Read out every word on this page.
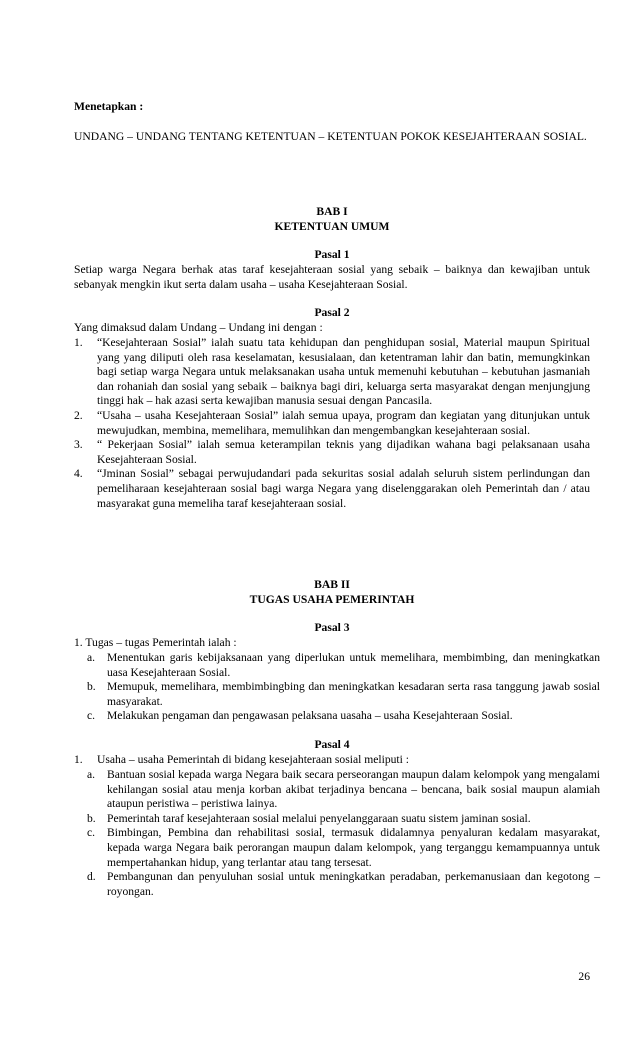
Menetapkan :
UNDANG – UNDANG TENTANG KETENTUAN – KETENTUAN POKOK KESEJAHTERAAN SOSIAL.
BAB I
KETENTUAN UMUM
Pasal 1
Setiap warga Negara berhak atas taraf kesejahteraan sosial yang sebaik – baiknya dan kewajiban untuk sebanyak mengkin ikut serta dalam usaha – usaha Kesejahteraan Sosial.
Pasal 2
Yang dimaksud dalam Undang – Undang ini dengan :
1. “Kesejahteraan Sosial” ialah suatu tata kehidupan dan penghidupan sosial, Material maupun Spiritual yang yang diliputi oleh rasa keselamatan, kesusialaan, dan ketentraman lahir dan batin, memungkinkan bagi setiap warga Negara untuk melaksanakan usaha untuk memenuhi kebutuhan – kebutuhan jasmaniah dan rohaniah dan sosial yang sebaik – baiknya bagi diri, keluarga serta masyarakat dengan menjungjung tinggi hak – hak azasi serta kewajiban manusia sesuai dengan Pancasila.
2. “Usaha – usaha Kesejahteraan Sosial” ialah semua upaya, program dan kegiatan yang ditunjukan untuk mewujudkan, membina, memelihara, memulihkan dan mengembangkan kesejahteraan sosial.
3. “ Pekerjaan Sosial” ialah semua keterampilan teknis yang dijadikan wahana bagi pelaksanaan usaha Kesejahteraan Sosial.
4. “Jminan Sosial” sebagai perwujudandari pada sekuritas sosial adalah seluruh sistem perlindungan dan pemeliharaan kesejahteraan sosial bagi warga Negara yang diselenggarakan oleh Pemerintah dan / atau masyarakat guna memeliha taraf kesejahteraan sosial.
BAB II
TUGAS USAHA PEMERINTAH
Pasal 3
1. Tugas – tugas Pemerintah ialah :
a. Menentukan garis kebijaksanaan yang diperlukan untuk memelihara, membimbing, dan meningkatkan uasa Kesejahteraan Sosial.
b. Memupuk, memelihara, membimbingbing dan meningkatkan kesadaran serta rasa tanggung jawab sosial masyarakat.
c. Melakukan pengaman dan pengawasan pelaksana uasaha – usaha Kesejahteraan Sosial.
Pasal 4
1. Usaha – usaha Pemerintah di bidang kesejahteraan sosial meliputi :
a. Bantuan sosial kepada warga Negara baik secara perseorangan maupun dalam kelompok yang mengalami kehilangan sosial atau menja korban akibat terjadinya bencana – bencana, baik sosial maupun alamiah ataupun peristiwa – peristiwa lainya.
b. Pemerintah taraf kesejahteraan sosial melalui penyelanggaraan suatu sistem jaminan sosial.
c. Bimbingan, Pembina dan rehabilitasi sosial, termasuk didalamnya penyaluran kedalam masyarakat, kepada warga Negara baik perorangan maupun dalam kelompok, yang terganggu kemampuannya untuk mempertahankan hidup, yang terlantar atau tang tersesat.
d. Pembangunan dan penyuluhan sosial untuk meningkatkan peradaban, perkemanusiaan dan kegotong – royongan.
26
